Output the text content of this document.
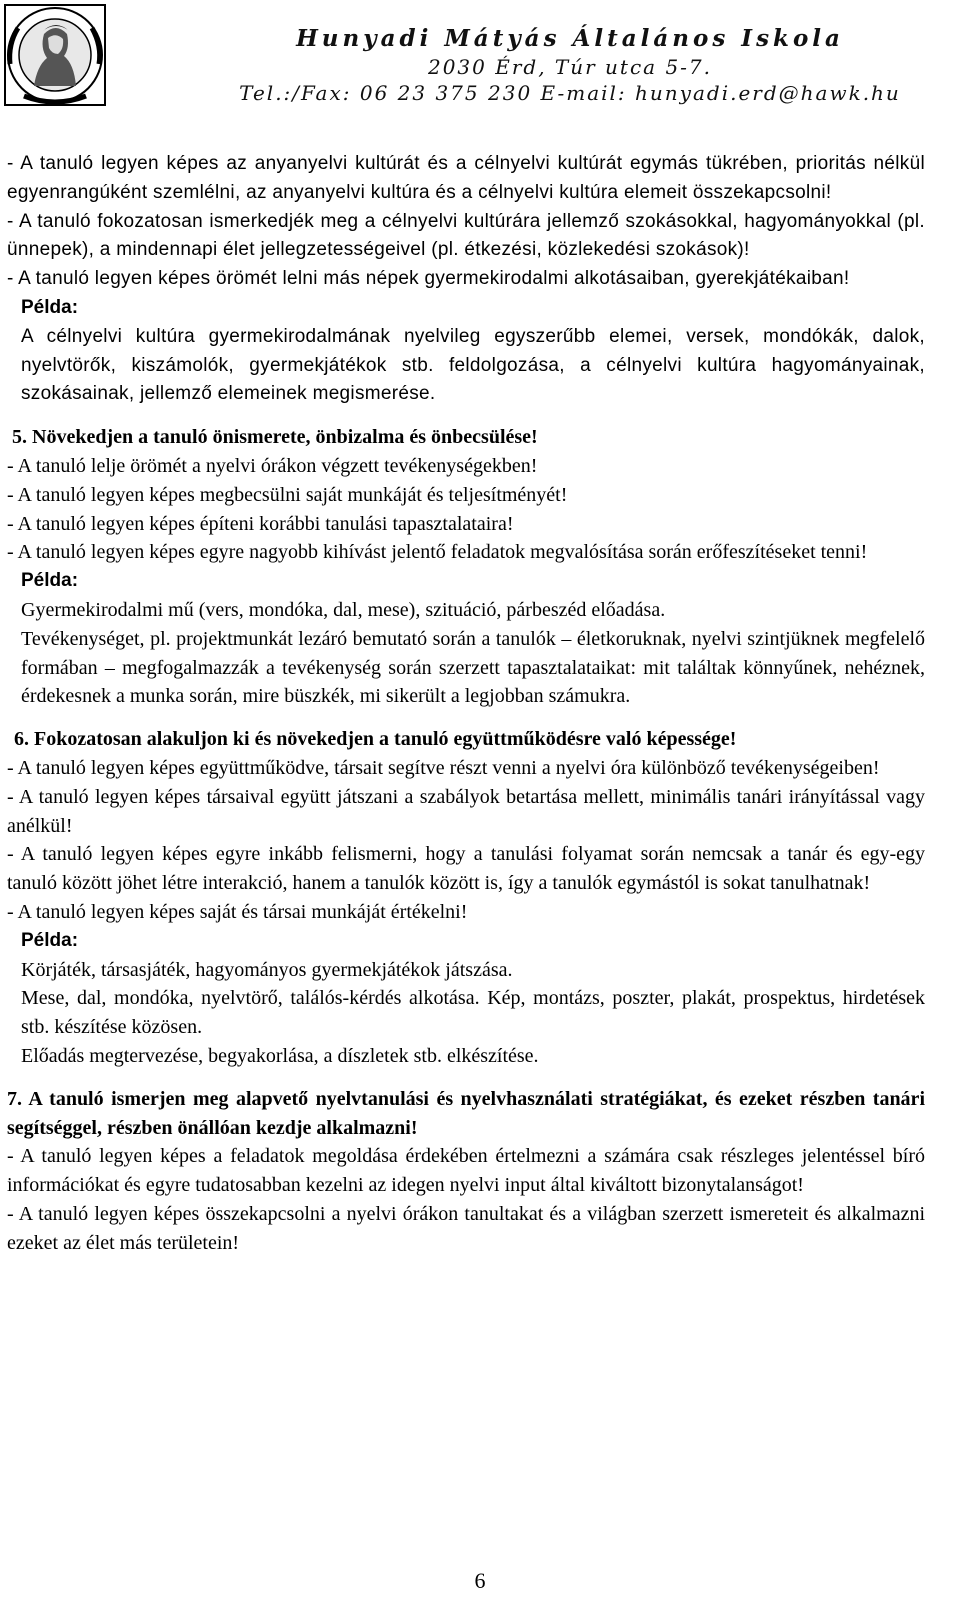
Hunyadi Mátyás Általános Iskola
2030 Érd, Túr utca 5-7.
Tel.:/Fax: 06 23 375 230 E-mail: hunyadi.erd@hawk.hu

- A tanuló legyen képes az anyanyelvi kultúrát és a célnyelvi kultúrát egymás tükrében, prioritás nélkül egyenrangúként szemlélni, az anyanyelvi kultúra és a célnyelvi kultúra elemeit összekapcsolni!

- A tanuló fokozatosan ismerkedjék meg a célnyelvi kultúrára jellemző szokásokkal, hagyományokkal (pl. ünnepek), a mindennapi élet jellegzetességeivel (pl. étkezési, közlekedési szokások)!

- A tanuló legyen képes örömét lelni más népek gyermekirodalmi alkotásaiban, gyerekjátékaiban!

Példa:

A célnyelvi kultúra gyermekirodalmának nyelvileg egyszerűbb elemei, versek, mondókák, dalok, nyelvtörők, kiszámolók, gyermekjátékok stb. feldolgozása, a célnyelvi kultúra hagyományainak, szokásainak, jellemző elemeinek megismerése.

5. Növekedjen a tanuló önismerete, önbizalma és önbecsülése!

- A tanuló lelje örömét a nyelvi órákon végzett tevékenységekben!

- A tanuló legyen képes megbecsülni saját munkáját és teljesítményét!

- A tanuló legyen képes építeni korábbi tanulási tapasztalataira!

- A tanuló legyen képes egyre nagyobb kihívást jelentő feladatok megvalósítása során erőfeszítéseket tenni!

Példa:

Gyermekirodalmi mű (vers, mondóka, dal, mese), szituáció, párbeszéd előadása.

Tevékenységet, pl. projektmunkát lezáró bemutató során a tanulók – életkoruknak, nyelvi szintjüknek megfelelő formában – megfogalmazzák a tevékenység során szerzett tapasztalataikat: mit találtak könnyűnek, nehéznek, érdekesnek a munka során, mire büszkék, mi sikerült a legjobban számukra.

6. Fokozatosan alakuljon ki és növekedjen a tanuló együttműködésre való képessége!

- A tanuló legyen képes együttműködve, társait segítve részt venni a nyelvi óra különböző tevékenységeiben!

- A tanuló legyen képes társaival együtt játszani a szabályok betartása mellett, minimális tanári irányítással vagy anélkül!

- A tanuló legyen képes egyre inkább felismerni, hogy a tanulási folyamat során nemcsak a tanár és egy-egy tanuló között jöhet létre interakció, hanem a tanulók között is, így a tanulók egymástól is sokat tanulhatnak!

- A tanuló legyen képes saját és társai munkáját értékelni!

Példa:

Körjáték, társasjáték, hagyományos gyermekjátékok játszása.

Mese, dal, mondóka, nyelvtörő, találós-kérdés alkotása. Kép, montázs, poszter, plakát, prospektus, hirdetések stb. készítése közösen.

Előadás megtervezése, begyakorlása, a díszletek stb. elkészítése.

7. A tanuló ismerjen meg alapvető nyelvtanulási és nyelvhasználati stratégiákat, és ezeket részben tanári segítséggel, részben önállóan kezdje alkalmazni!

- A tanuló legyen képes a feladatok megoldása érdekében értelmezni a számára csak részleges jelentéssel bíró információkat és egyre tudatosabban kezelni az idegen nyelvi input által kiváltott bizonytalanságot!

- A tanuló legyen képes összekapcsolni a nyelvi órákon tanultakat és a világban szerzett ismereteit és alkalmazni ezeket az élet más területein!

6
